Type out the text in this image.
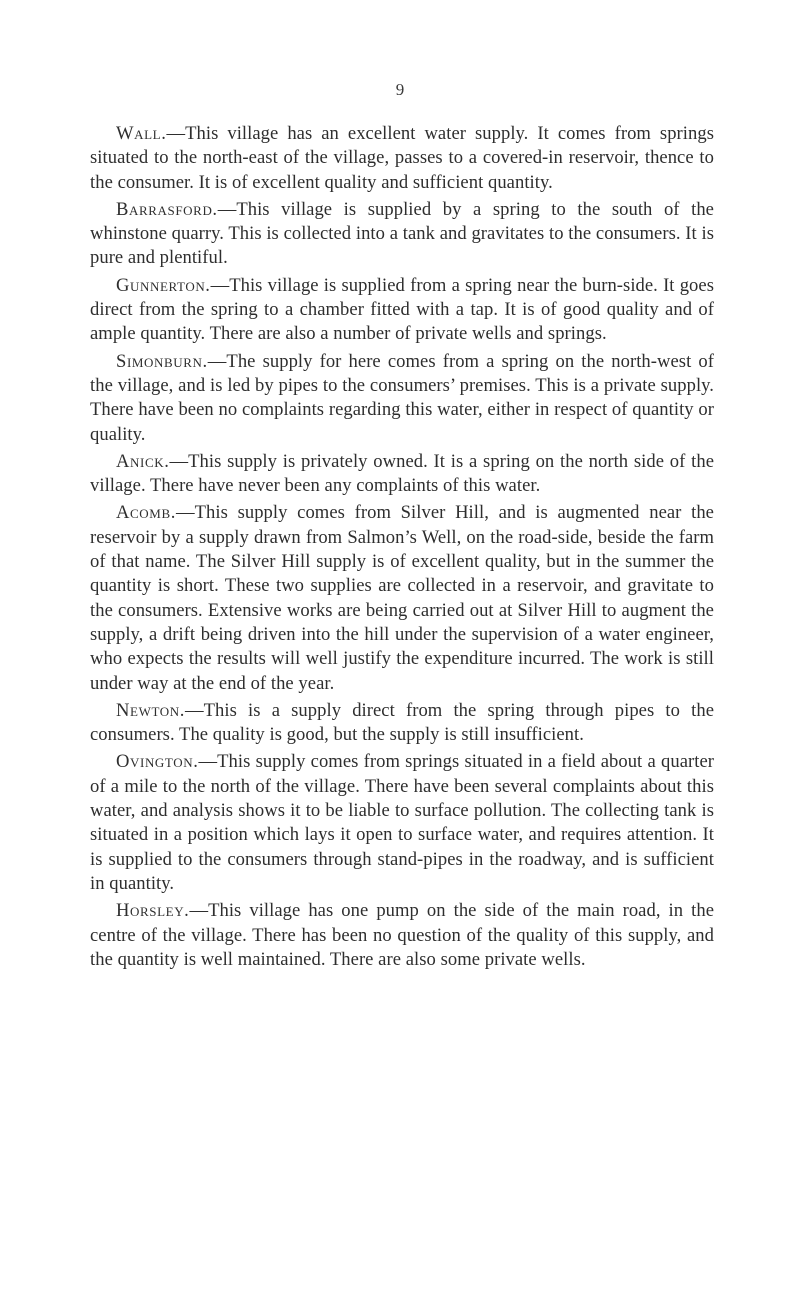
9

Wall.—This village has an excellent water supply. It comes from springs situated to the north-east of the village, passes to a covered-in reservoir, thence to the consumer. It is of excellent quality and sufficient quantity.

Barrasford.—This village is supplied by a spring to the south of the whinstone quarry. This is collected into a tank and gravitates to the consumers. It is pure and plentiful.

Gunnerton.—This village is supplied from a spring near the burn-side. It goes direct from the spring to a chamber fitted with a tap. It is of good quality and of ample quantity. There are also a number of private wells and springs.

Simonburn.—The supply for here comes from a spring on the north-west of the village, and is led by pipes to the consumers’ premises. This is a private supply. There have been no complaints regarding this water, either in respect of quantity or quality.

Anick.—This supply is privately owned. It is a spring on the north side of the village. There have never been any complaints of this water.

Acomb.—This supply comes from Silver Hill, and is augmented near the reservoir by a supply drawn from Salmon’s Well, on the road-side, beside the farm of that name. The Silver Hill supply is of excellent quality, but in the summer the quantity is short. These two supplies are collected in a reservoir, and gravitate to the consumers. Extensive works are being carried out at Silver Hill to augment the supply, a drift being driven into the hill under the supervision of a water engineer, who expects the results will well justify the expenditure incurred. The work is still under way at the end of the year.

Newton.—This is a supply direct from the spring through pipes to the consumers. The quality is good, but the supply is still insufficient.

Ovington.—This supply comes from springs situated in a field about a quarter of a mile to the north of the village. There have been several complaints about this water, and analysis shows it to be liable to surface pollution. The collecting tank is situated in a position which lays it open to surface water, and requires attention. It is supplied to the consumers through stand-pipes in the roadway, and is sufficient in quantity.

Horsley.—This village has one pump on the side of the main road, in the centre of the village. There has been no question of the quality of this supply, and the quantity is well maintained. There are also some private wells.
